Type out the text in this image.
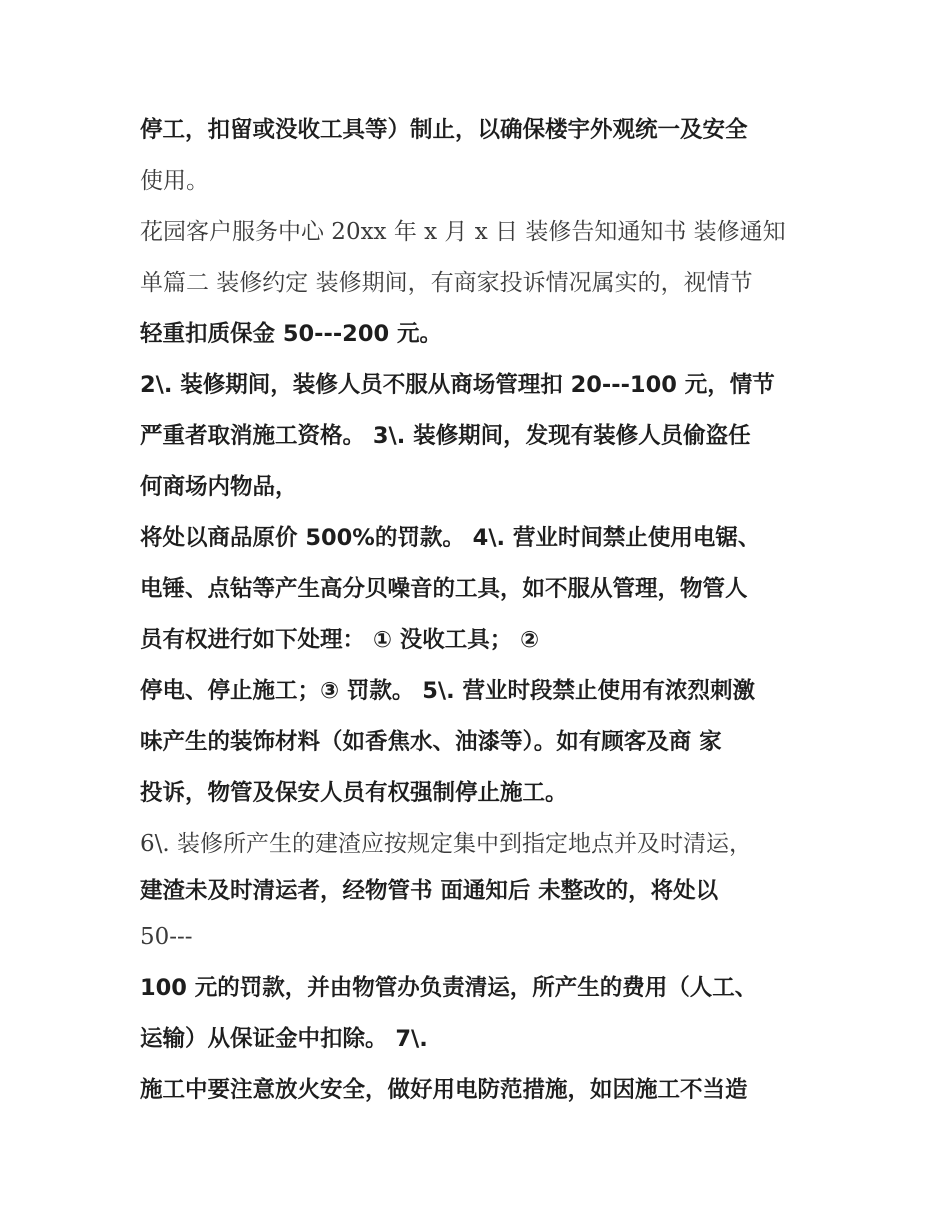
停工，扣留或没收工具等）制止，以确保楼宇外观统一及安全
使用。
花园客户服务中心 20xx 年 x 月 x 日 装修告知通知书 装修通知
单篇二 装修约定 装修期间，有商家投诉情况属实的，视情节
轻重扣质保金 50---200 元。
2\. 装修期间，装修人员不服从商场管理扣 20---100 元，情节
严重者取消施工资格。 3\. 装修期间，发现有装修人员偷盗任
何商场内物品，
将处以商品原价 500%的罚款。 4\. 营业时间禁止使用电锯、
电锤、点钻等产生高分贝噪音的工具，如不服从管理，物管人
员有权进行如下处理： ① 没收工具； ②
停电、停止施工；③ 罚款。 5\. 营业时段禁止使用有浓烈刺激
味产生的装饰材料（如香焦水、油漆等）。如有顾客及商 家
投诉，物管及保安人员有权强制停止施工。
6\. 装修所产生的建渣应按规定集中到指定地点并及时清运，
建渣未及时清运者，经物管书 面通知后 未整改的，将处以
50---
100 元的罚款，并由物管办负责清运，所产生的费用（人工、
运输）从保证金中扣除。 7\.
施工中要注意放火安全，做好用电防范措施，如因施工不当造
